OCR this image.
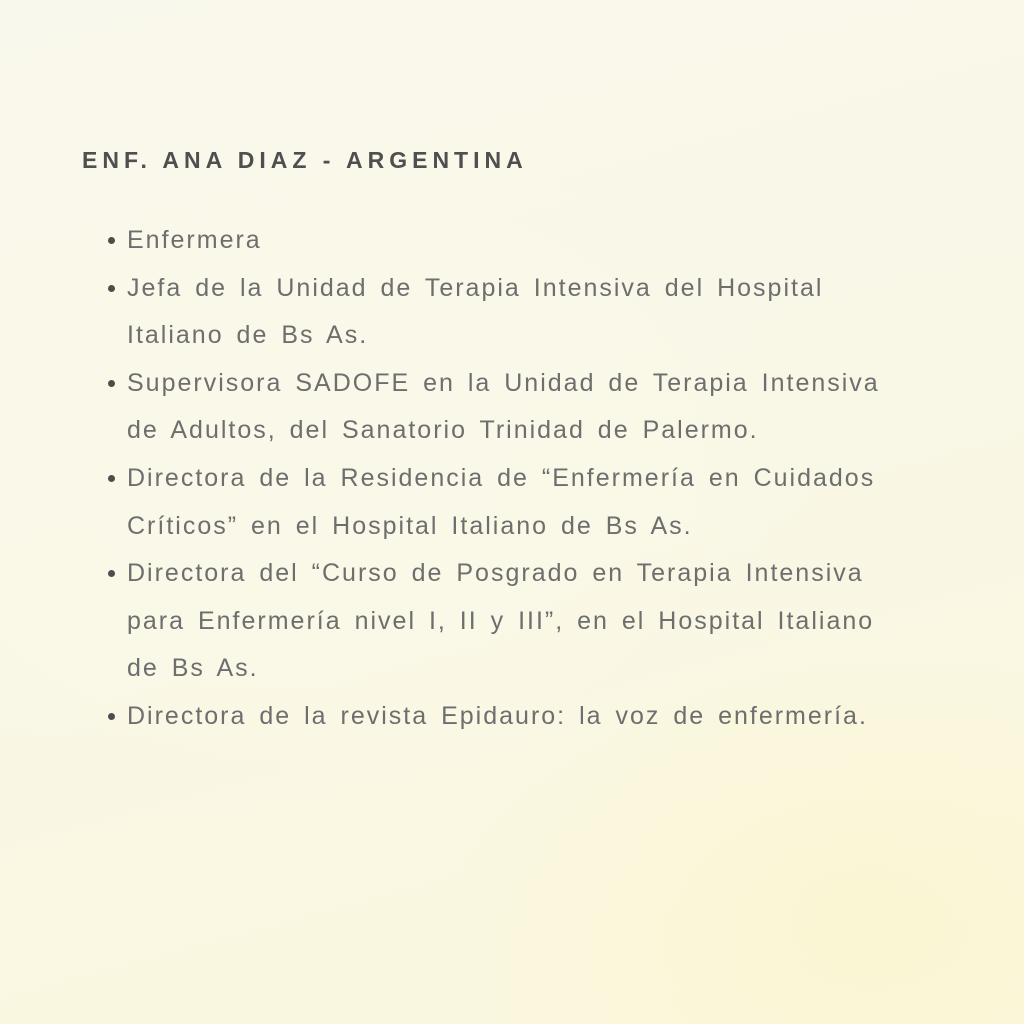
ENF. ANA DIAZ - ARGENTINA
Enfermera
Jefa de la Unidad de Terapia Intensiva del Hospital Italiano de Bs As.
Supervisora SADOFE en la Unidad de Terapia Intensiva de Adultos, del Sanatorio Trinidad de Palermo.
Directora de la Residencia de “Enfermería en Cuidados Críticos” en el Hospital Italiano de Bs As.
Directora del “Curso de Posgrado en Terapia Intensiva para Enfermería nivel I, II y III”, en el Hospital Italiano de Bs As.
Directora de la revista Epidauro: la voz de enfermería.
